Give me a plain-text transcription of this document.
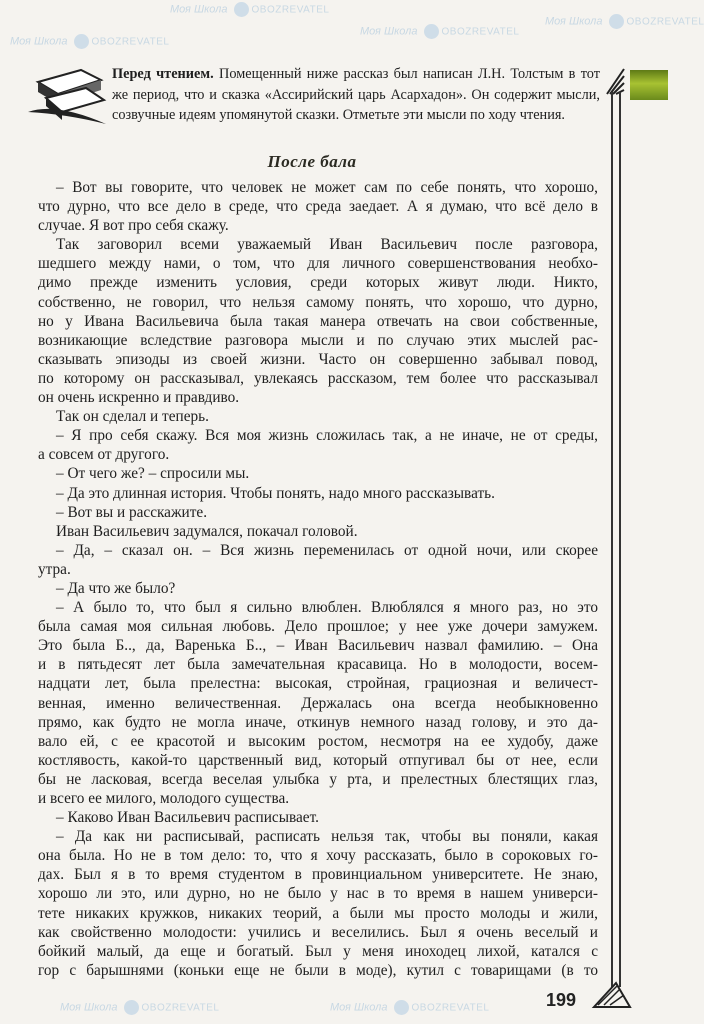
Моя Школа OBOZREVATEL
Моя Школа OBOZREVATEL
Моя Школа OBOZREVATEL
Моя Школа OBOZREVATEL
Моя Школа OBOZREVATEL	Моя Школа OBOZREVATEL
Перед чтением. Помещенный ниже рассказ был написан Л.Н. Толстым в тот же период, что и сказка «Ассирийский царь Асархадон». Он содержит мысли, созвучные идеям упомянутой сказки. Отметьте эти мысли по ходу чтения.
После бала
– Вот вы говорите, что человек не может сам по себе понять, что хорошо,
что дурно, что все дело в среде, что среда заедает. А я думаю, что всё дело в
случае. Я вот про себя скажу.
Так заговорил всеми уважаемый Иван Васильевич после разговора,
шедшего между нами, о том, что для личного совершенствования необхо-
димо прежде изменить условия, среди которых живут люди. Никто,
собственно, не говорил, что нельзя самому понять, что хорошо, что дурно,
но у Ивана Васильевича была такая манера отвечать на свои собственные,
возникающие вследствие разговора мысли и по случаю этих мыслей рас-
сказывать эпизоды из своей жизни. Часто он совершенно забывал повод,
по которому он рассказывал, увлекаясь рассказом, тем более что рассказывал
он очень искренно и правдиво.
Так он сделал и теперь.
– Я про себя скажу. Вся моя жизнь сложилась так, а не иначе, не от среды,
а совсем от другого.
– От чего же? – спросили мы.
– Да это длинная история. Чтобы понять, надо много рассказывать.
– Вот вы и расскажите.
Иван Васильевич задумался, покачал головой.
– Да, – сказал он. – Вся жизнь переменилась от одной ночи, или скорее
утра.
– Да что же было?
– А было то, что был я сильно влюблен. Влюблялся я много раз, но это
была самая моя сильная любовь. Дело прошлое; у нее уже дочери замужем.
Это была Б.., да, Варенька Б.., – Иван Васильевич назвал фамилию. – Она
и в пятьдесят лет была замечательная красавица. Но в молодости, восем-
надцати лет, была прелестна: высокая, стройная, грациозная и величест-
венная, именно величественная. Держалась она всегда необыкновенно
прямо, как будто не могла иначе, откинув немного назад голову, и это да-
вало ей, с ее красотой и высоким ростом, несмотря на ее худобу, даже
костлявость, какой-то царственный вид, который отпугивал бы от нее, если
бы не ласковая, всегда веселая улыбка у рта, и прелестных блестящих глаз,
и всего ее милого, молодого существа.
– Каково Иван Васильевич расписывает.
– Да как ни расписывай, расписать нельзя так, чтобы вы поняли, какая
она была. Но не в том дело: то, что я хочу рассказать, было в сороковых го-
дах. Был я в то время студентом в провинциальном университете. Не знаю,
хорошо ли это, или дурно, но не было у нас в то время в нашем универси-
тете никаких кружков, никаких теорий, а были мы просто молоды и жили,
как свойственно молодости: учились и веселились. Был я очень веселый и
бойкий малый, да еще и богатый. Был у меня иноходец лихой, катался с
гор с барышнями (коньки еще не были в моде), кутил с товарищами (в то
199
